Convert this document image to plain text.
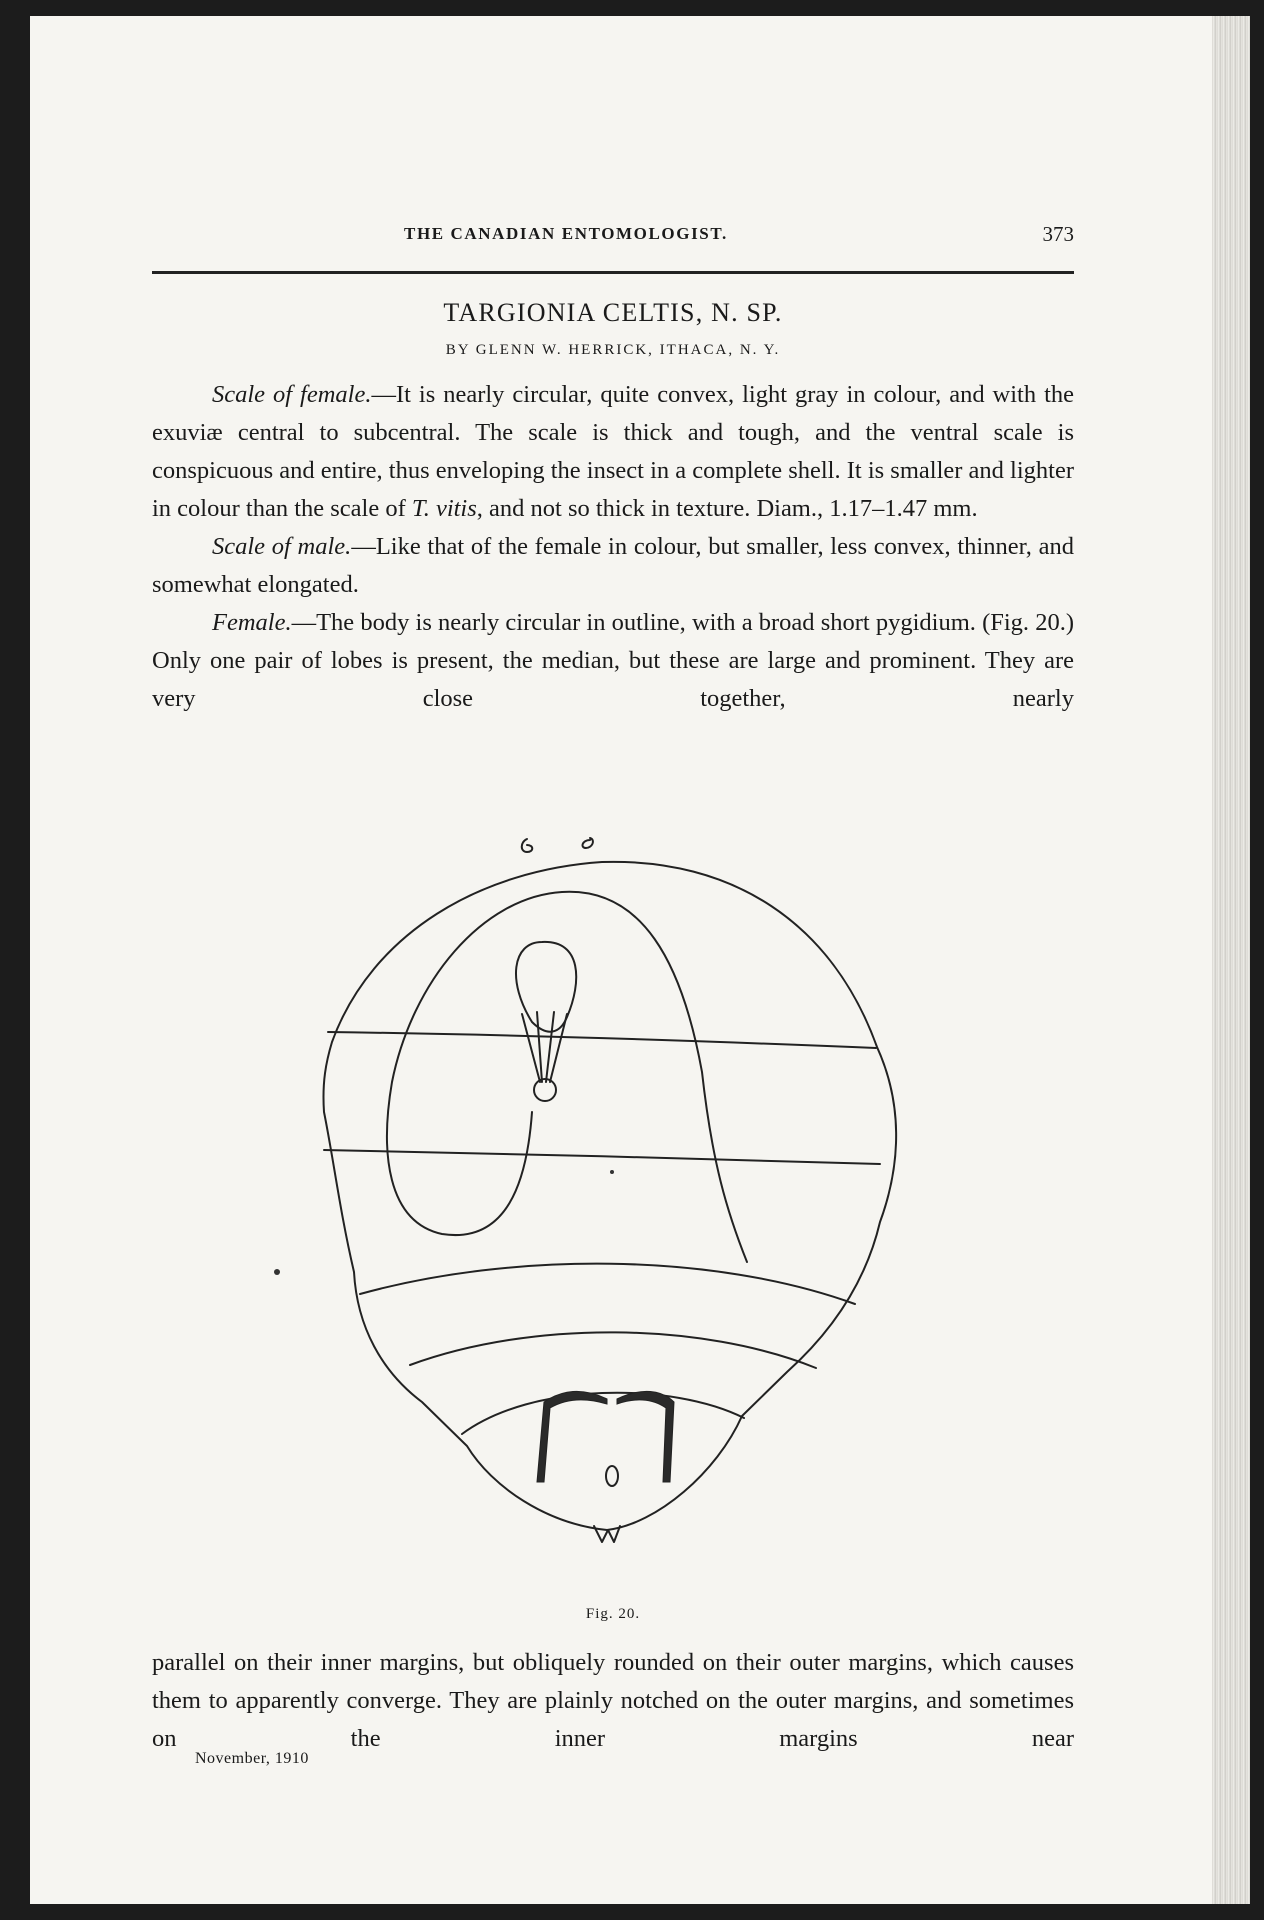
THE CANADIAN ENTOMOLOGIST.	373
TARGIONIA CELTIS, N. SP.
BY GLENN W. HERRICK, ITHACA, N. Y.

Scale of female.—It is nearly circular, quite convex, light gray in colour, and with the exuviæ central to subcentral. The scale is thick and tough, and the ventral scale is conspicuous and entire, thus enveloping the insect in a complete shell. It is smaller and lighter in colour than the scale of T. vitis, and not so thick in texture. Diam., 1.17–1.47 mm.

Scale of male.—Like that of the female in colour, but smaller, less convex, thinner, and somewhat elongated.

Female.—The body is nearly circular in outline, with a broad short pygidium. (Fig. 20.) Only one pair of lobes is present, the median, but these are large and prominent. They are very close together, nearly

Fig. 20.

parallel on their inner margins, but obliquely rounded on their outer margins, which causes them to apparently converge. They are plainly notched on the outer margins, and sometimes on the inner margins near

November, 1910
